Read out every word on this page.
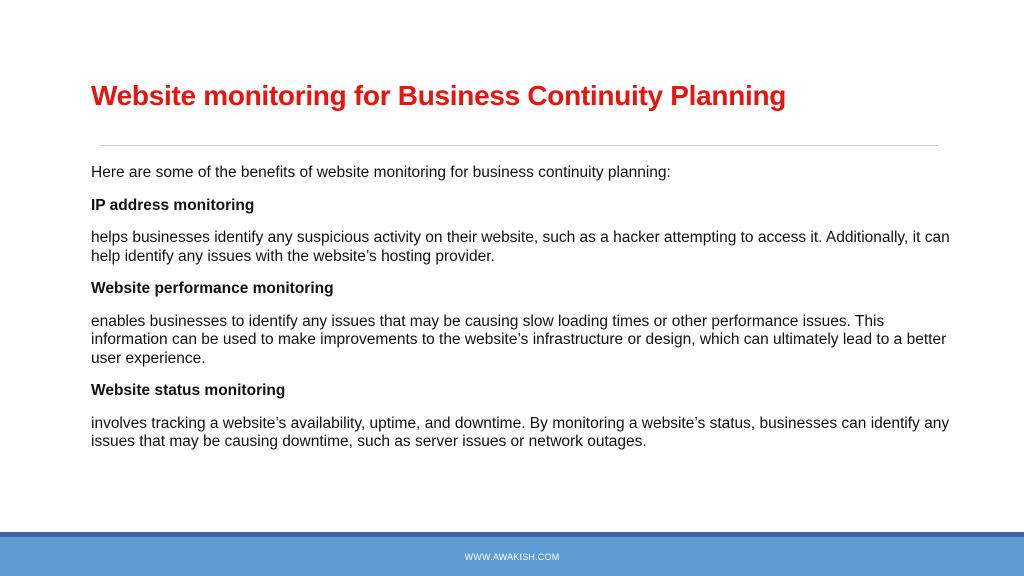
Website monitoring for Business Continuity Planning

Here are some of the benefits of website monitoring for business continuity planning:

IP address monitoring

helps businesses identify any suspicious activity on their website, such as a hacker attempting to access it. Additionally, it can help identify any issues with the website’s hosting provider.

Website performance monitoring

enables businesses to identify any issues that may be causing slow loading times or other performance issues. This information can be used to make improvements to the website’s infrastructure or design, which can ultimately lead to a better user experience.

Website status monitoring

involves tracking a website’s availability, uptime, and downtime. By monitoring a website’s status, businesses can identify any issues that may be causing downtime, such as server issues or network outages.

WWW.AWAKISH.COM
